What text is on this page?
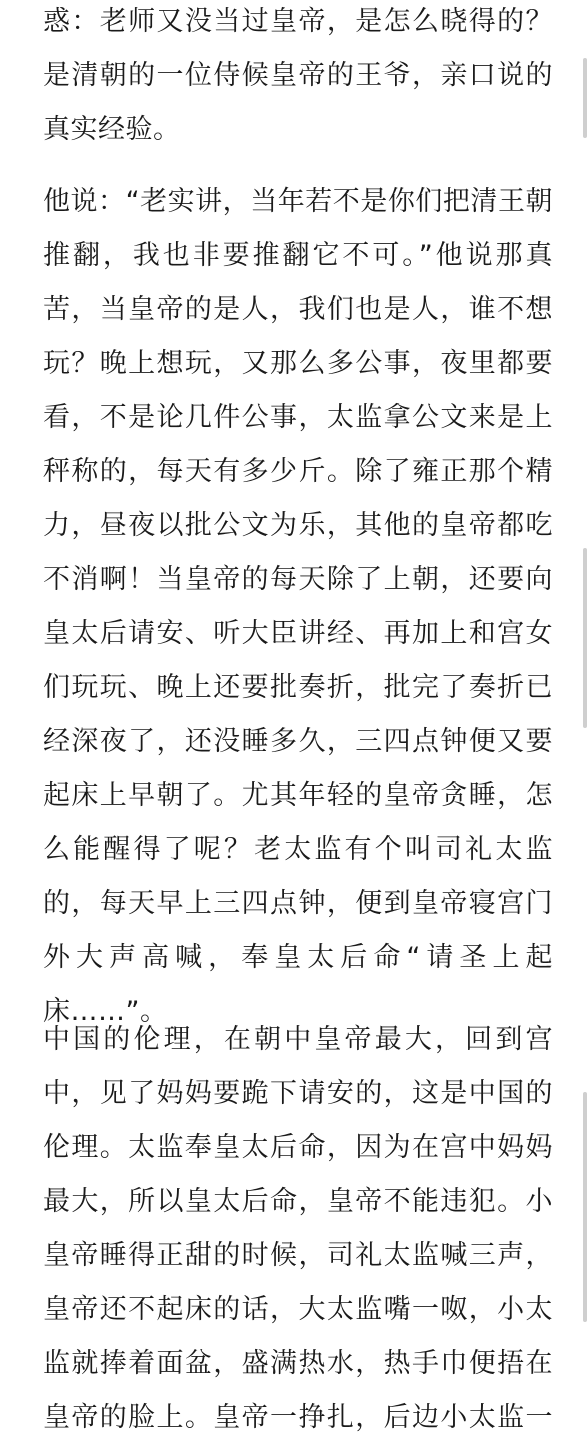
惑：老师又没当过皇帝，是怎么晓得的？
是清朝的一位侍候皇帝的王爷，亲口说的
真实经验。

他说：“老实讲，当年若不是你们把清王朝
推翻，我也非要推翻它不可。”他说那真
苦，当皇帝的是人，我们也是人，谁不想
玩？晚上想玩，又那么多公事，夜里都要
看，不是论几件公事，太监拿公文来是上
秤称的，每天有多少斤。除了雍正那个精
力，昼夜以批公文为乐，其他的皇帝都吃
不消啊！当皇帝的每天除了上朝，还要向
皇太后请安、听大臣讲经、再加上和宫女
们玩玩、晚上还要批奏折，批完了奏折已
经深夜了，还没睡多久，三四点钟便又要
起床上早朝了。尤其年轻的皇帝贪睡，怎
么能醒得了呢？老太监有个叫司礼太监
的，每天早上三四点钟，便到皇帝寝宫门
外大声高喊，奉皇太后命“请圣上起
床……”。

中国的伦理，在朝中皇帝最大，回到宫
中，见了妈妈要跪下请安的，这是中国的
伦理。太监奉皇太后命，因为在宫中妈妈
最大，所以皇太后命，皇帝不能违犯。小
皇帝睡得正甜的时候，司礼太监喊三声，
皇帝还不起床的话，大太监嘴一呶，小太
监就捧着面盆，盛满热水，热手巾便捂在
皇帝的脸上。皇帝一挣扎，后边小太监一
